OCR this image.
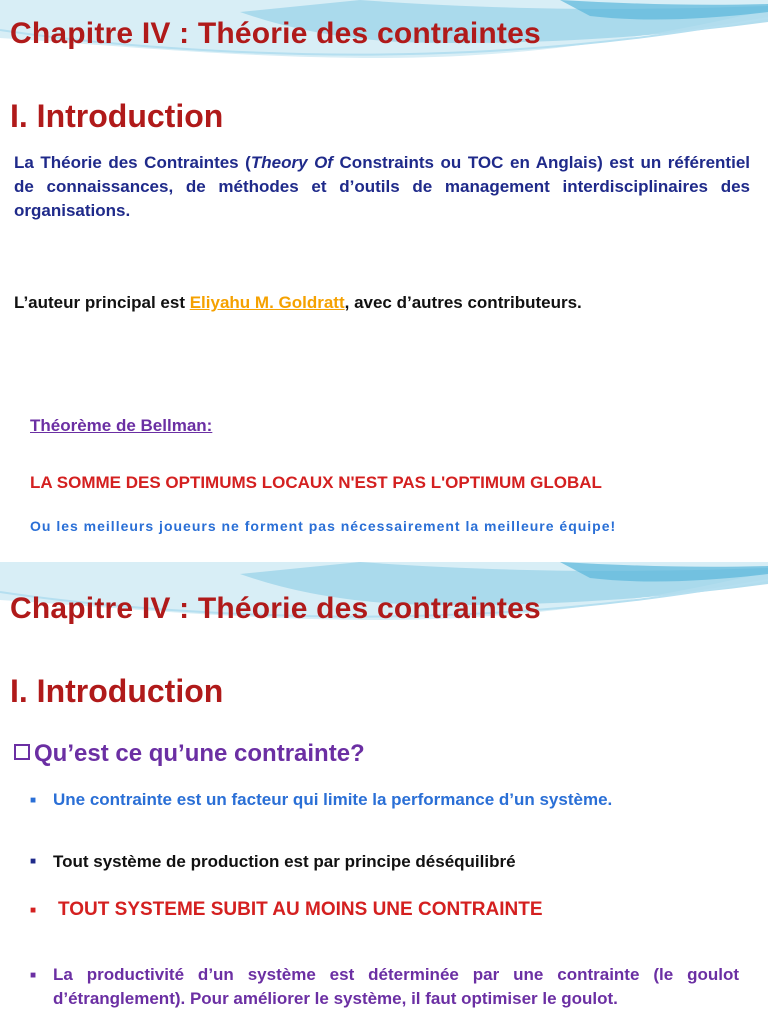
Chapitre IV : Théorie des contraintes
I. Introduction
La Théorie des Contraintes (Theory Of Constraints ou TOC en Anglais) est un référentiel de connaissances, de méthodes et d’outils de management interdisciplinaires des organisations.
L’auteur principal est Eliyahu M. Goldratt, avec d’autres contributeurs.
Théorème de Bellman:
LA SOMME DES OPTIMUMS LOCAUX N'EST PAS L'OPTIMUM GLOBAL
Ou les meilleurs joueurs ne forment pas nécessairement la meilleure équipe!
Chapitre IV : Théorie des contraintes
I. Introduction
Qu’est ce qu’une contrainte?
■ Une contrainte est un facteur qui limite la performance d’un système.
■ Tout système de production est par principe déséquilibré
■ TOUT SYSTEME SUBIT AU MOINS UNE CONTRAINTE
■ La productivité d’un système est déterminée par une contrainte (le goulot d’étranglement). Pour améliorer le système, il faut optimiser le goulot.
